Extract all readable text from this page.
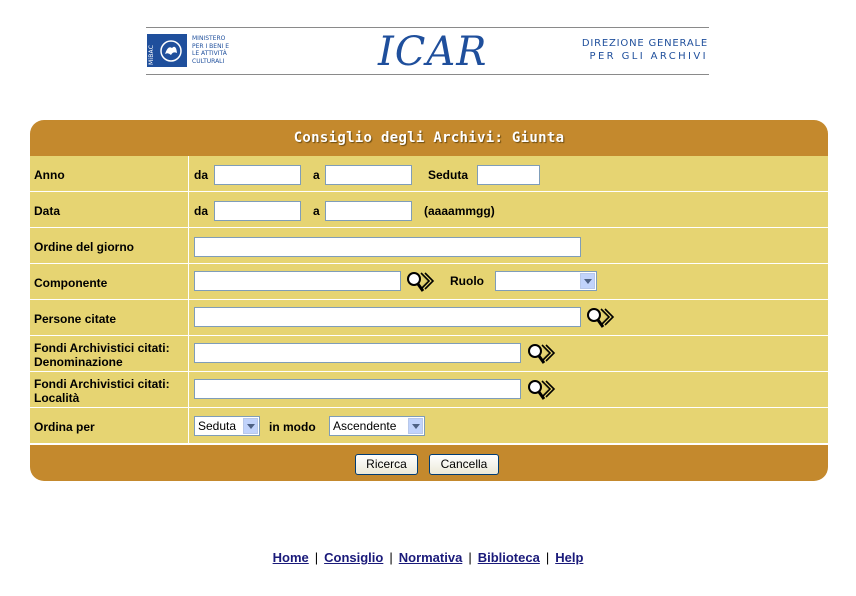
MiBAC
MINISTERO
PER I BENI E
LE ATTIVITÀ
CULTURALI	ICAR	DIREZIONE GENERALE
PER GLI ARCHIVI
Consiglio degli Archivi: Giunta
Anno	da	a	Seduta
Data	da	a	(aaaammgg)
Ordine del giorno
Componente	Ruolo
Persone citate
Fondi Archivistici citati:
Denominazione
Fondi Archivistici citati:
Località
Ordina per	Seduta	in modo Ascendente
Ricerca	Cancella
Home | Consiglio | Normativa | Biblioteca | Help
